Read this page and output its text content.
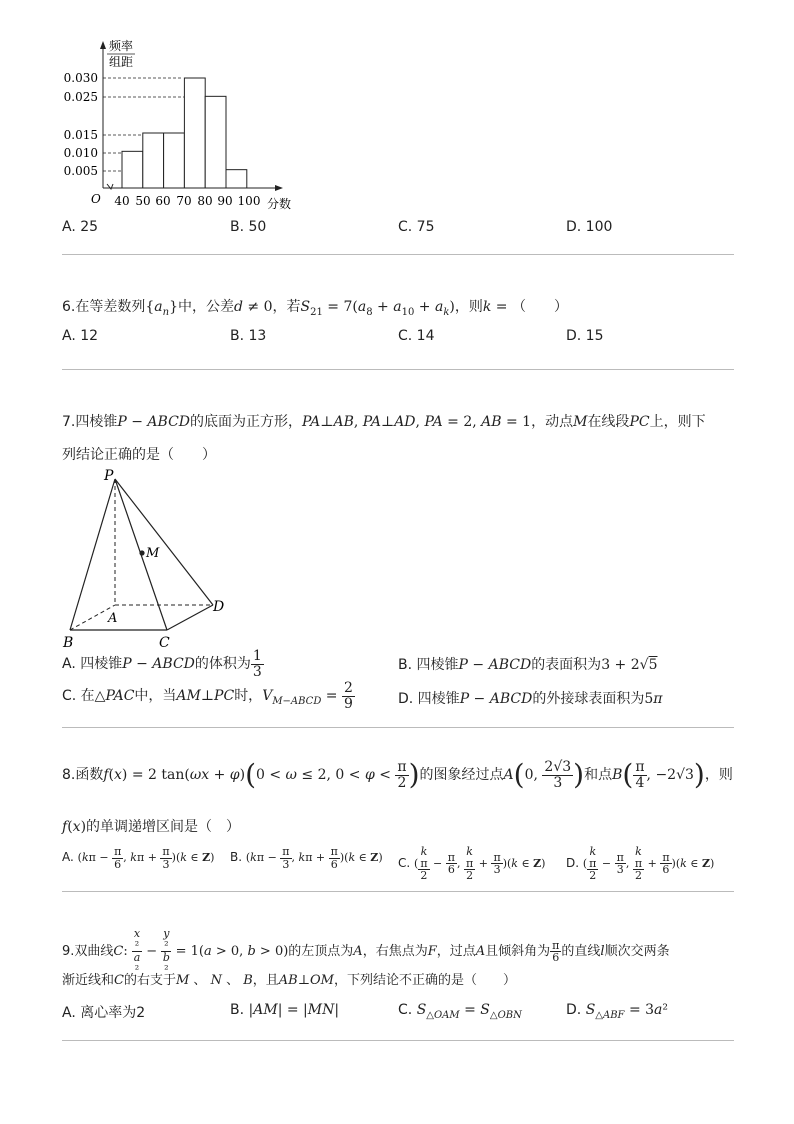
0.030
0.025
0.015
0.010
0.005
频率
组距
O 40 50 60 70 80 90 100 分数
A. 25	B. 50	C. 75	D. 100
6.在等差数列$\{a_n\}$中，公差d ≠ 0，若$S_{21} = 7(a_8 + a_{10} + a_k)$，则k = （　　）
A. 12	B. 13	C. 14	D. 15
7.四棱锥P − ABCD的底面为正方形，PA⊥AB, PA⊥AD, PA = 2, AB = 1，动点M在线段PC上，则下
列结论正确的是（　　）
P
M
A
B	C
D
A. 四棱锥P − ABCD的体积为 $\frac{1}{3}$	B. 四棱锥P − ABCD的表面积为3 + 2√5
C. 在△PAC中，当AM⊥PC时，$V_{M-ABCD} = \frac{2}{9}$	D. 四棱锥P − ABCD的外接球表面积为5π
8.函数f(x) = 2 tan(ωx + φ)(0 < ω ≤ 2, $0 < \varphi < \frac{\pi}{2}$ )的图象经过点A(0, $\frac{2√3}{3}$ )和点$B( \frac{\pi}{4}$ , −2√3)，则
f(x)的单调递增区间是（　）
A. ($k\pi - \frac{\pi}{6}$ , $k\pi + \frac{\pi}{3} )(k$ ∈ Z) B. ($k\pi - \frac{\pi}{3}$ , $k\pi + \frac{\pi}{6} )(k$ ∈ Z) C. ( k
π
$2 - \frac{\pi}{6}$ , k
π
$2 + \frac{\pi}{3} )(k$ ∈ Z) D. ( k
π
$2 - \frac{\pi}{3}$ , k
π
$2 + \frac{\pi}{6} )(k$ ∈ Z)
9.双曲线C: x
²
a
² − y
²
b
² = 1(a > 0, b > 0)的左顶点为A，右焦点为F，过点A且倾斜角为 $\frac{\pi}{6}$ 的直线l顺次交两条
渐近线和C的右支于M 、 N 、 B，且AB⊥OM，下列结论不正确的是（　　）
A. 离心率为2	B. |AM| = |MN|	C. $S_{\triangle OAM} = S_{\triangle OBN}$	D. $S_{\triangle ABF} = 3a^2$
